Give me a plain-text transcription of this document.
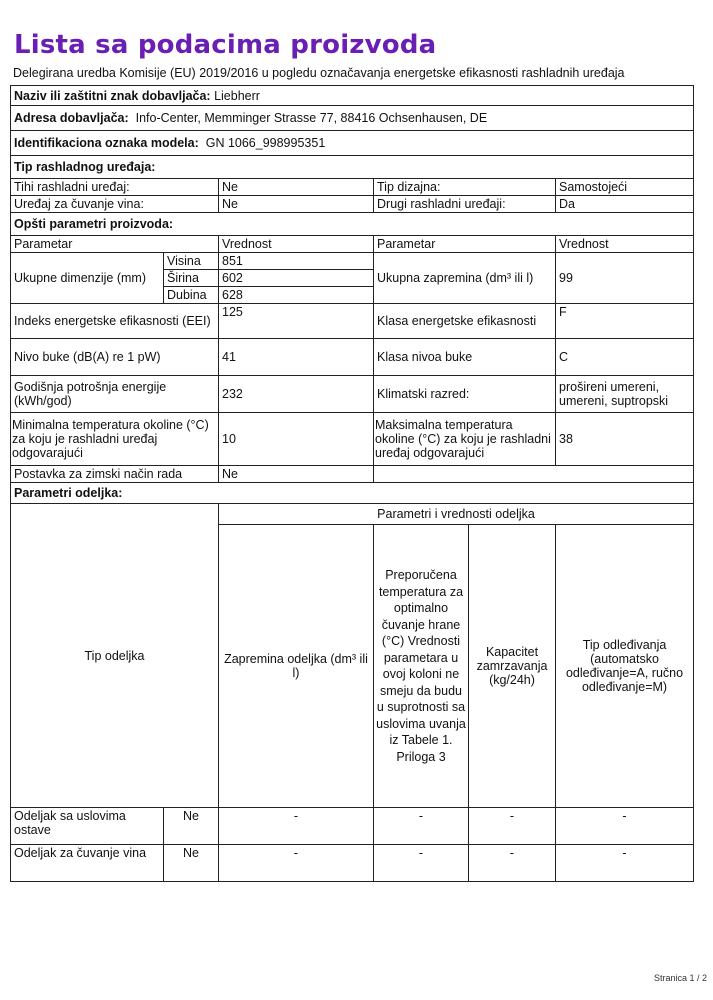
Lista sa podacima proizvoda
Delegirana uredba Komisije (EU) 2019/2016 u pogledu označavanja energetske efikasnosti rashladnih uređaja
Naziv ili zaštitni znak dobavljača: Liebherr				
Adresa dobavljača: Info-Center, Memminger Strasse 77, 88416 Ochsenhausen, DE				
Identifikaciona oznaka modela: GN 1066_998995351				
Tip rashladnog uređaja:				
Tihi rashladni uređaj:		Ne	Tip dizajna:	Samostojeći
Uređaj za čuvanje vina:		Ne	Drugi rashladni uređaji:	Da
Opšti parametri proizvoda:				
Parametar		Vrednost	Parametar	Vrednost
Ukupne dimenzije (mm)	Visina	851	Ukupna zapremina (dm³ ili l)	99
	Širina	602		
	Dubina	628		
Indeks energetske efikasnosti (EEI)		125	Klasa energetske efikasnosti	F
Nivo buke (dB(A) re 1 pW)		41	Klasa nivoa buke	C
Godišnja potrošnja energije (kWh/god)		232	Klimatski razred:	prošireni umereni, umereni, suptropski
Minimalna temperatura okoline (°C) za koju je rashladni uređaj odgovarajući		10	Maksimalna temperatura okoline (°C) za koju je rashladni uređaj odgovarajući	38
Postavka za zimski način rada		Ne		
Parametri odeljka:				
Tip odeljka		Parametri i vrednosti odeljka			
		Zapremina odeljka (dm³ ili l)	Preporučena temperatura za optimalno čuvanje hrane (°C) Vrednosti parametara u ovoj koloni ne smeju da budu u suprotnosti sa uslovima uvanja iz Tabele 1. Priloga 3	Kapacitet zamrzavanja (kg/24h)	Tip odleđivanja (automatsko odleđivanje=A, ručno odleđivanje=M)
Odeljak sa uslovima ostave	Ne	-	-	-	-
Odeljak za čuvanje vina	Ne	-	-	-	-
Stranica 1 / 2
